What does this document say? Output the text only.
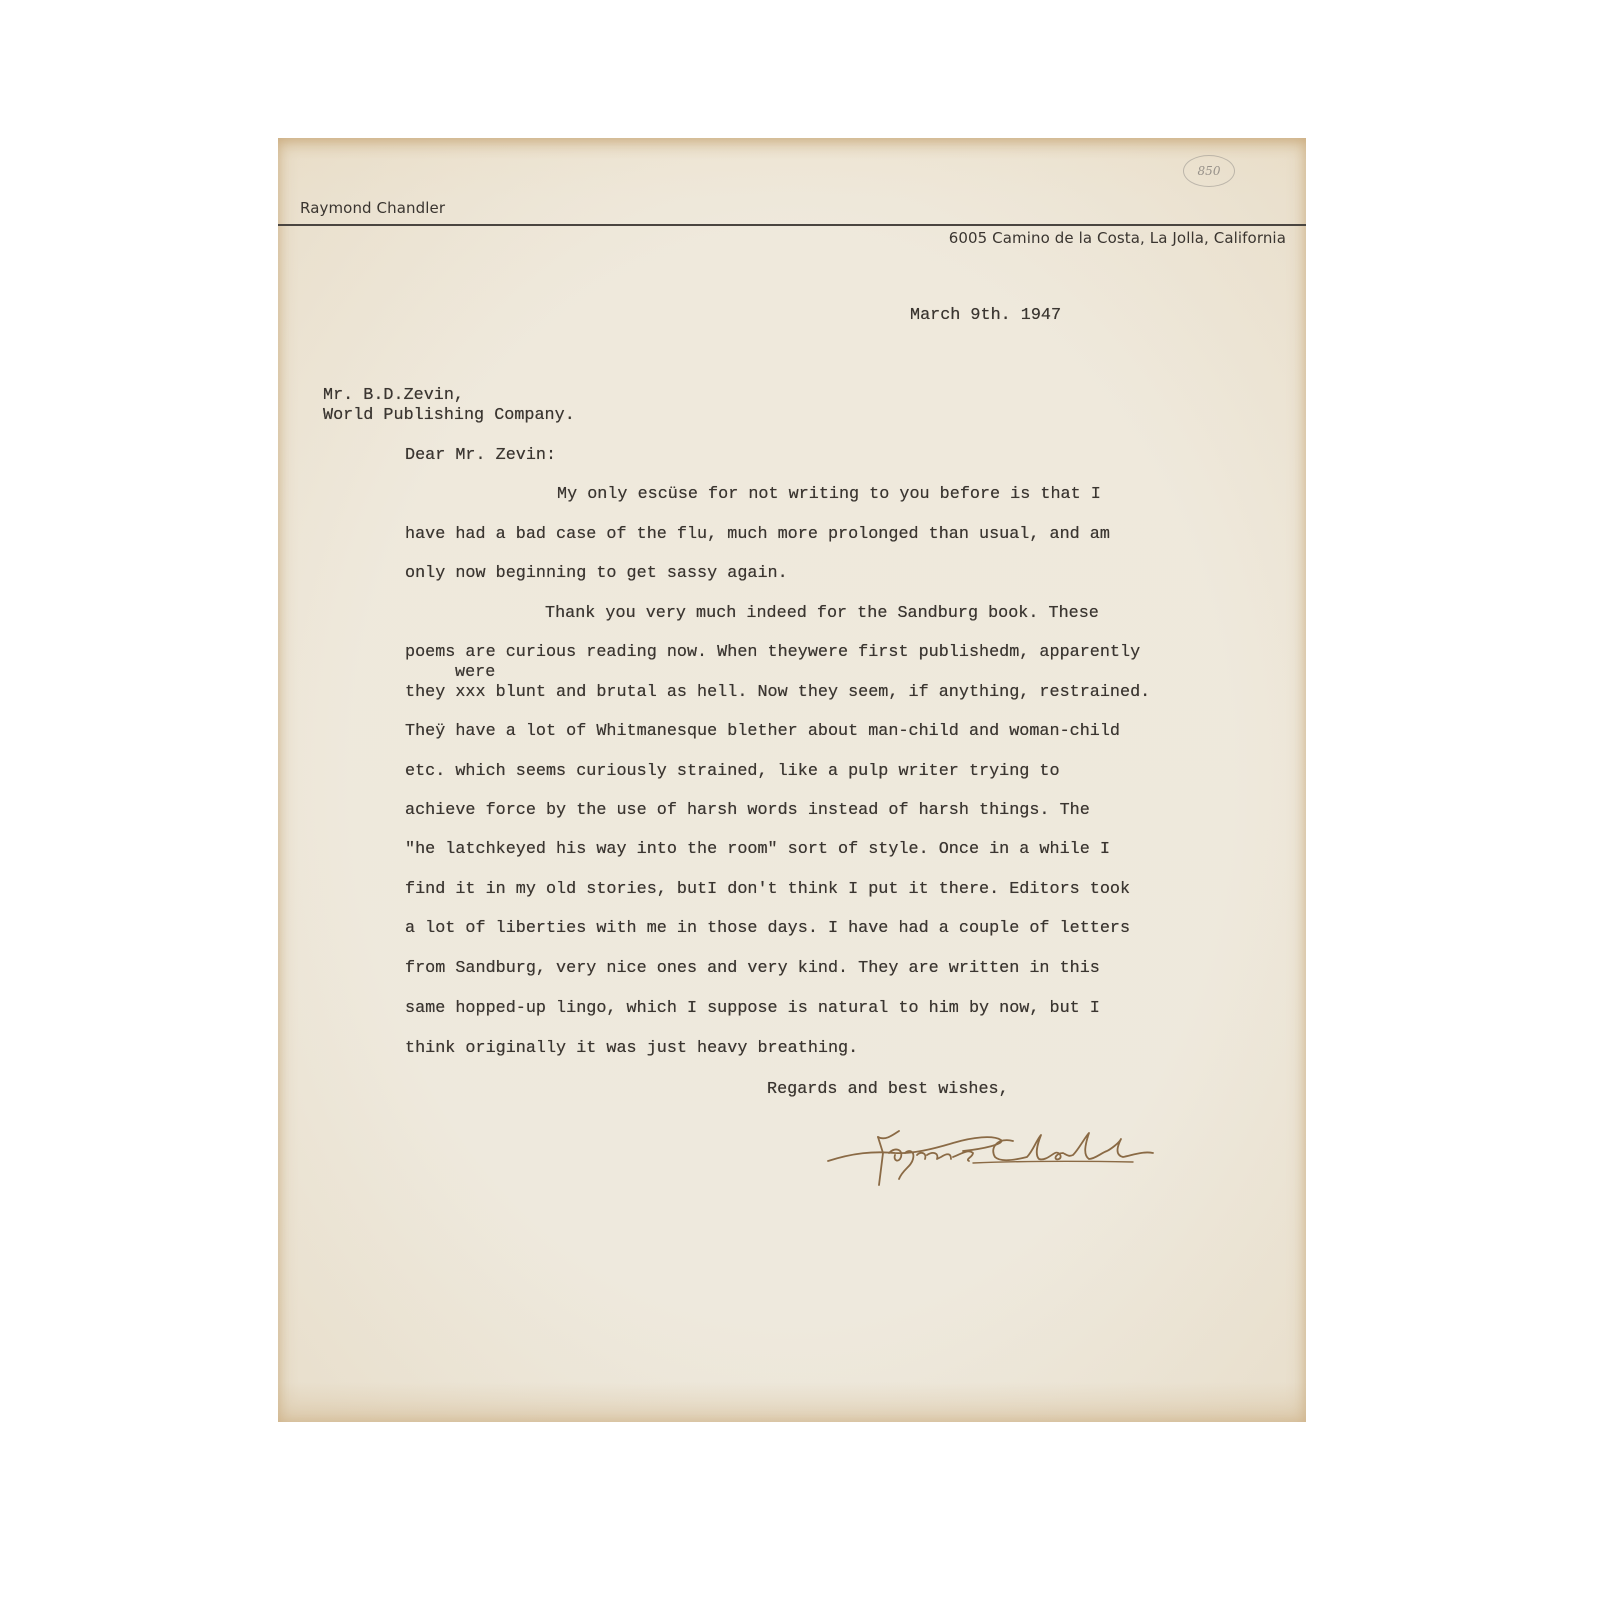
Raymond Chandler
6005 Camino de la Costa, La Jolla, California
850
March 9th. 1947
Mr. B.D.Zevin,
World Publishing Company.
Dear Mr. Zevin:
My only escüse for not writing to you before is that I
have had a bad case of the flu, much more prolonged than usual, and am
only now beginning to get sassy again.
Thank you very much indeed for the Sandburg book. These
poems are curious reading now. When theywere first publishedm, apparently
were
they xxx blunt and brutal as hell. Now they seem, if anything, restrained.
Theÿ have a lot of Whitmanesque blether about man-child and woman-child
etc. which seems curiously strained, like a pulp writer trying to
achieve force by the use of harsh words instead of harsh things. The
"he latchkeyed his way into the room" sort of style. Once in a while I
find it in my old stories, butI don't think I put it there. Editors took
a lot of liberties with me in those days. I have had a couple of letters
from Sandburg, very nice ones and very kind. They are written in this
same hopped-up lingo, which I suppose is natural to him by now, but I
think originally it was just heavy breathing.
Regards and best wishes,
